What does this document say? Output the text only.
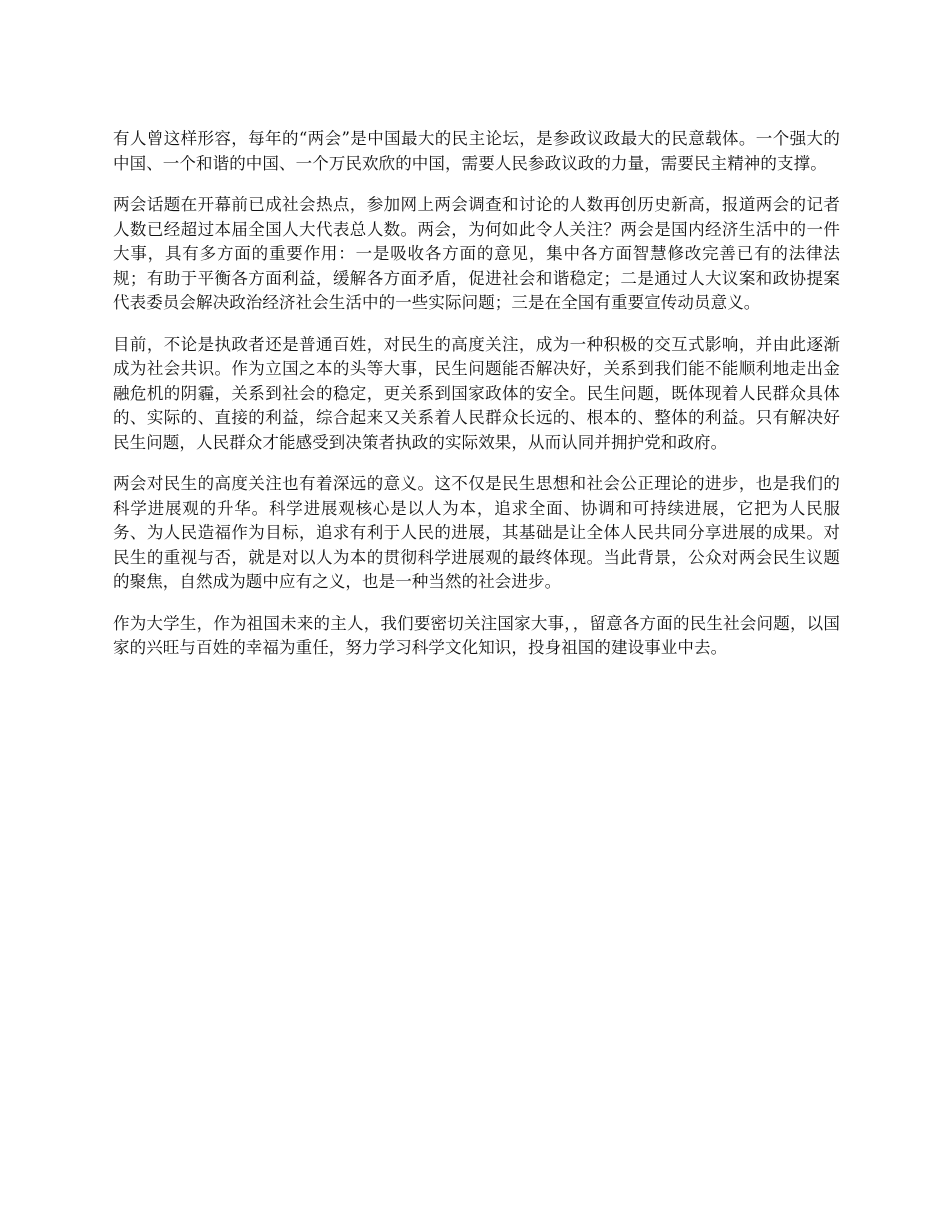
有人曾这样形容，每年的“两会”是中国最大的民主论坛，是参政议政最大的民意载体。一个强大的中国、一个和谐的中国、一个万民欢欣的中国，需要人民参政议政的力量，需要民主精神的支撑。

两会话题在开幕前已成社会热点，参加网上两会调查和讨论的人数再创历史新高，报道两会的记者人数已经超过本届全国人大代表总人数。两会，为何如此令人关注？两会是国内经济生活中的一件大事，具有多方面的重要作用：一是吸收各方面的意见，集中各方面智慧修改完善已有的法律法规；有助于平衡各方面利益，缓解各方面矛盾，促进社会和谐稳定；二是通过人大议案和政协提案代表委员会解决政治经济社会生活中的一些实际问题；三是在全国有重要宣传动员意义。

目前，不论是执政者还是普通百姓，对民生的高度关注，成为一种积极的交互式影响，并由此逐渐成为社会共识。作为立国之本的头等大事，民生问题能否解决好，关系到我们能不能顺利地走出金融危机的阴霾，关系到社会的稳定，更关系到国家政体的安全。民生问题，既体现着人民群众具体的、实际的、直接的利益，综合起来又关系着人民群众长远的、根本的、整体的利益。只有解决好民生问题，人民群众才能感受到决策者执政的实际效果，从而认同并拥护党和政府。

两会对民生的高度关注也有着深远的意义。这不仅是民生思想和社会公正理论的进步，也是我们的科学进展观的升华。科学进展观核心是以人为本，追求全面、协调和可持续进展，它把为人民服务、为人民造福作为目标，追求有利于人民的进展，其基础是让全体人民共同分享进展的成果。对民生的重视与否，就是对以人为本的贯彻科学进展观的最终体现。当此背景，公众对两会民生议题的聚焦，自然成为题中应有之义，也是一种当然的社会进步。

作为大学生，作为祖国未来的主人，我们要密切关注国家大事，，留意各方面的民生社会问题，以国家的兴旺与百姓的幸福为重任，努力学习科学文化知识，投身祖国的建设事业中去。
